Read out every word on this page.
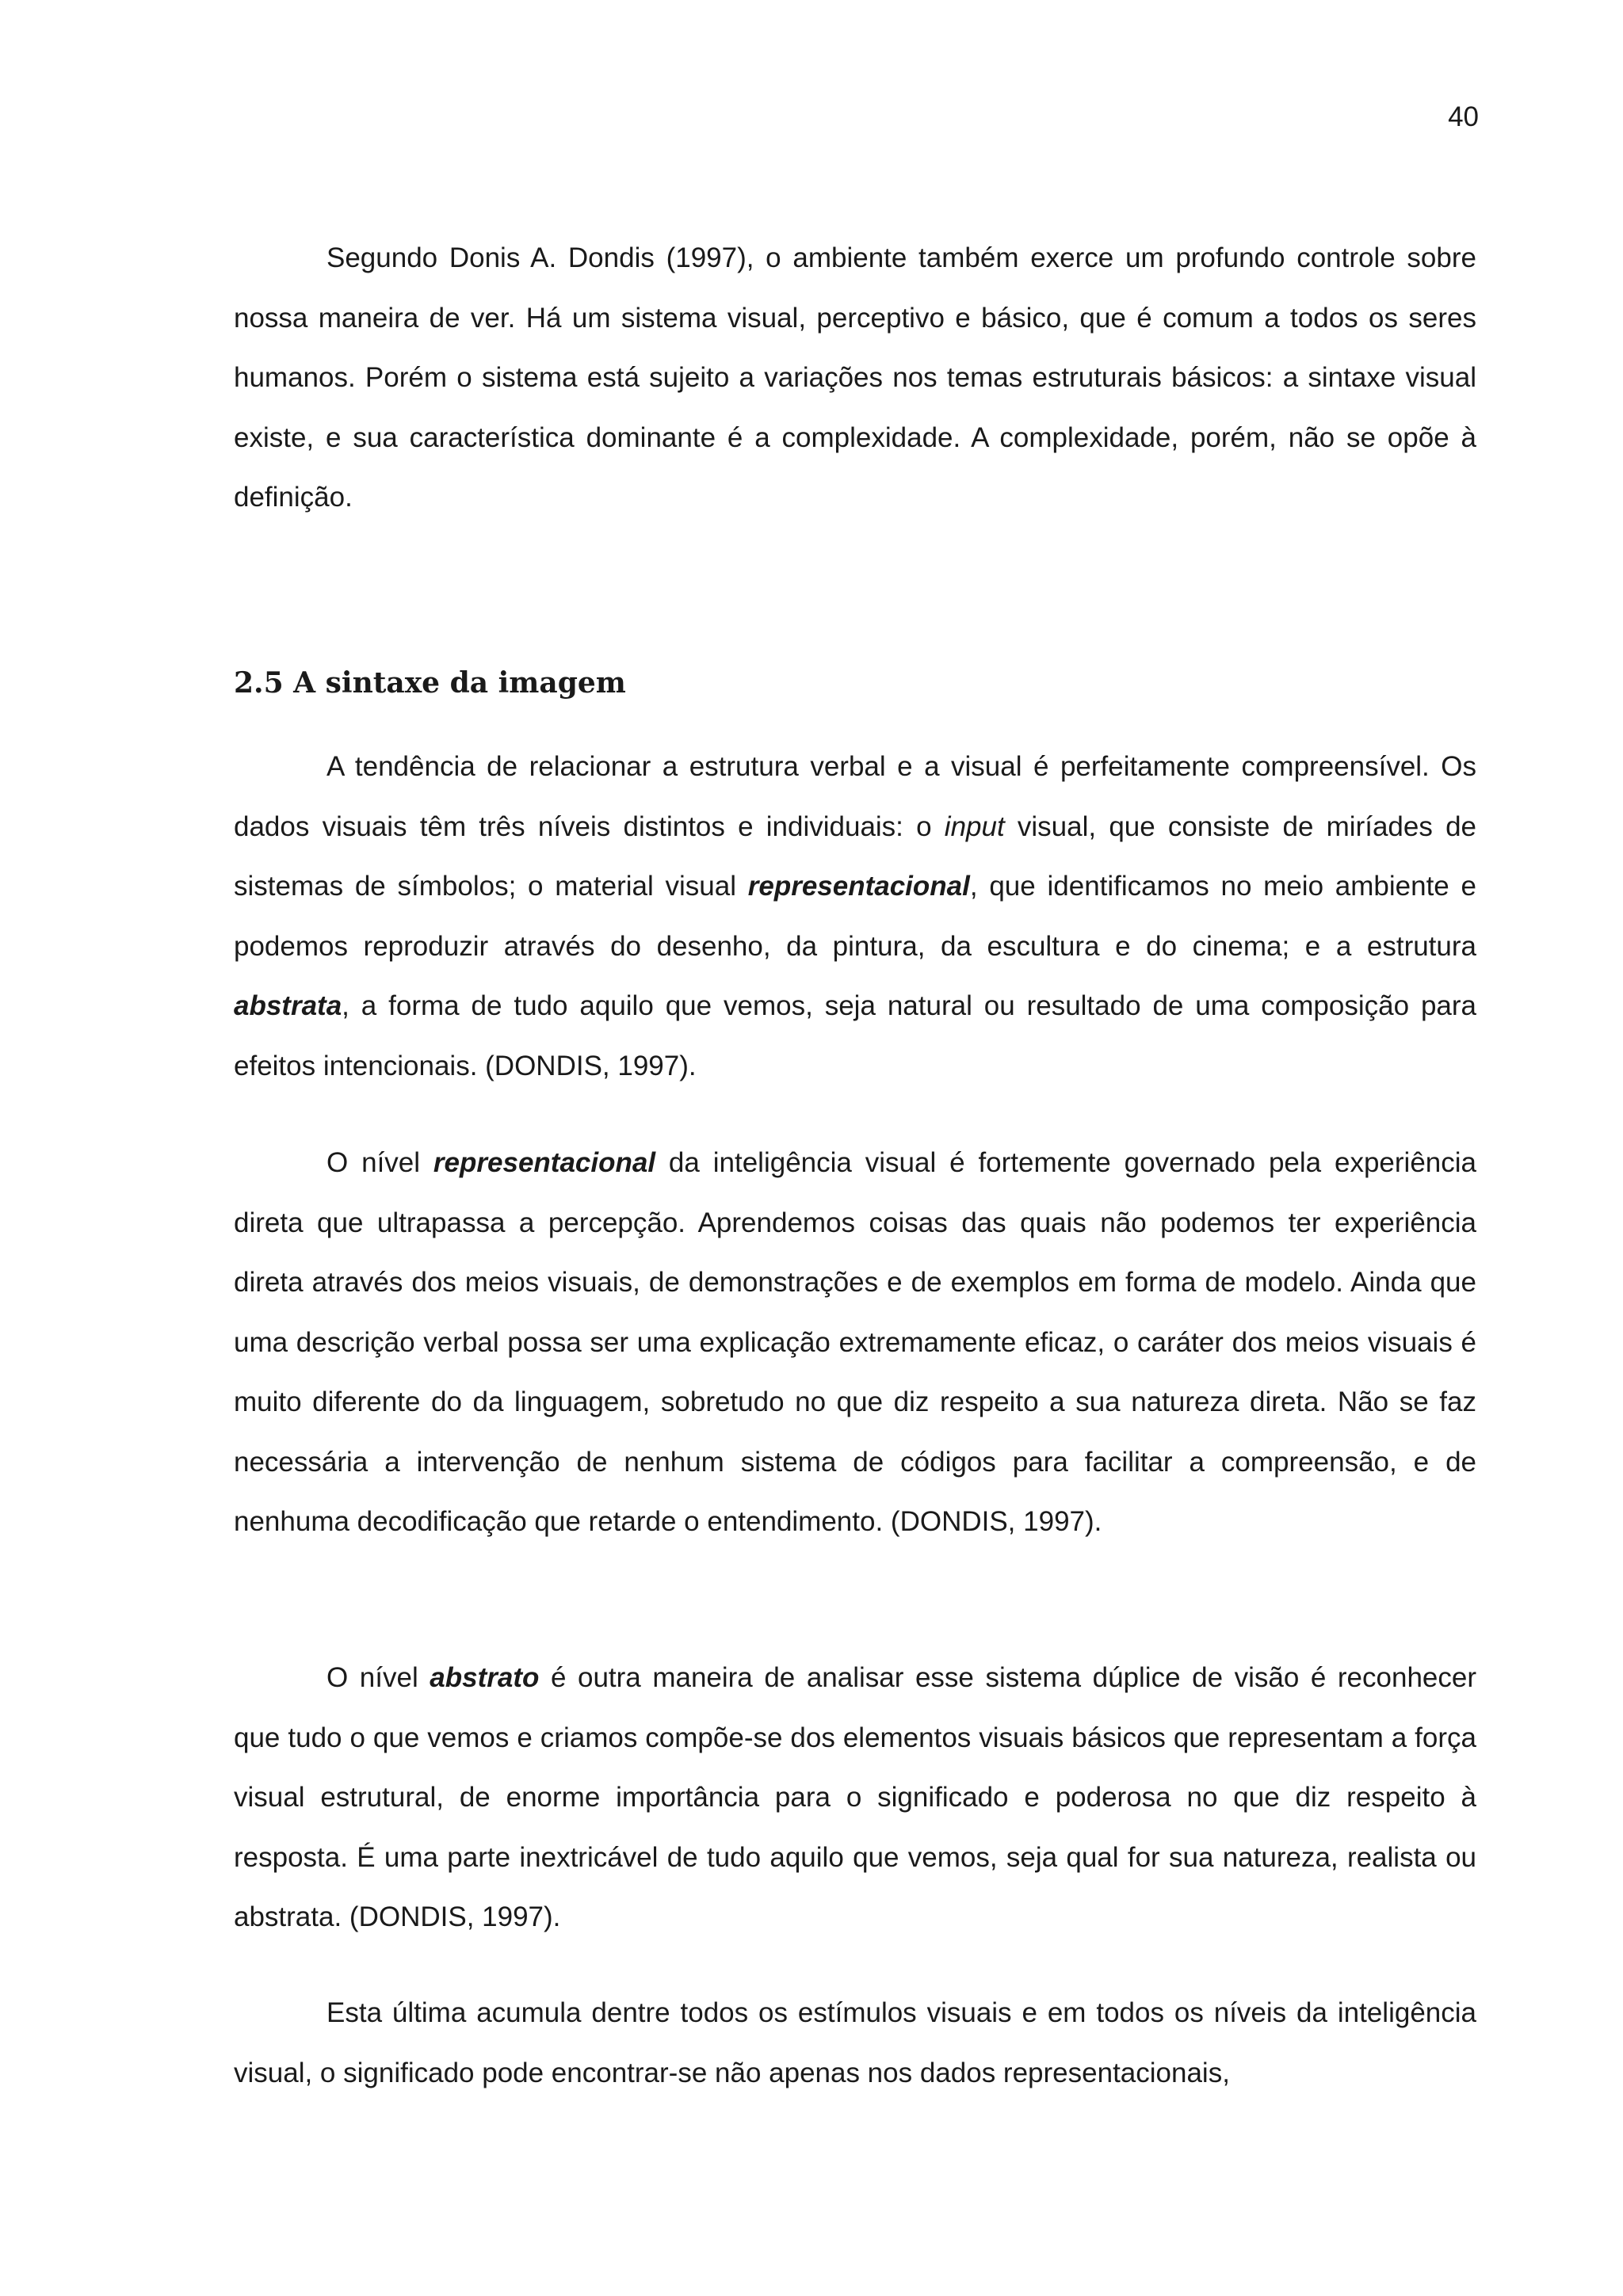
40

Segundo Donis A. Dondis (1997), o ambiente também exerce um profundo controle sobre nossa maneira de ver. Há um sistema visual, perceptivo e básico, que é comum a todos os seres humanos. Porém o sistema está sujeito a variações nos temas estruturais básicos: a sintaxe visual existe, e sua característica dominante é a complexidade. A complexidade, porém, não se opõe à definição.

2.5 A sintaxe da imagem

A tendência de relacionar a estrutura verbal e a visual é perfeitamente compreensível. Os dados visuais têm três níveis distintos e individuais: o input visual, que consiste de miríades de sistemas de símbolos; o material visual representacional, que identificamos no meio ambiente e podemos reproduzir através do desenho, da pintura, da escultura e do cinema; e a estrutura abstrata, a forma de tudo aquilo que vemos, seja natural ou resultado de uma composição para efeitos intencionais. (DONDIS, 1997).

O nível representacional da inteligência visual é fortemente governado pela experiência direta que ultrapassa a percepção. Aprendemos coisas das quais não podemos ter experiência direta através dos meios visuais, de demonstrações e de exemplos em forma de modelo. Ainda que uma descrição verbal possa ser uma explicação extremamente eficaz, o caráter dos meios visuais é muito diferente do da linguagem, sobretudo no que diz respeito a sua natureza direta. Não se faz necessária a intervenção de nenhum sistema de códigos para facilitar a compreensão, e de nenhuma decodificação que retarde o entendimento. (DONDIS, 1997).

O nível abstrato é outra maneira de analisar esse sistema dúplice de visão é reconhecer que tudo o que vemos e criamos compõe-se dos elementos visuais básicos que representam a força visual estrutural, de enorme importância para o significado e poderosa no que diz respeito à resposta. É uma parte inextricável de tudo aquilo que vemos, seja qual for sua natureza, realista ou abstrata. (DONDIS, 1997).

Esta última acumula dentre todos os estímulos visuais e em todos os níveis da inteligência visual, o significado pode encontrar-se não apenas nos dados representacionais,
